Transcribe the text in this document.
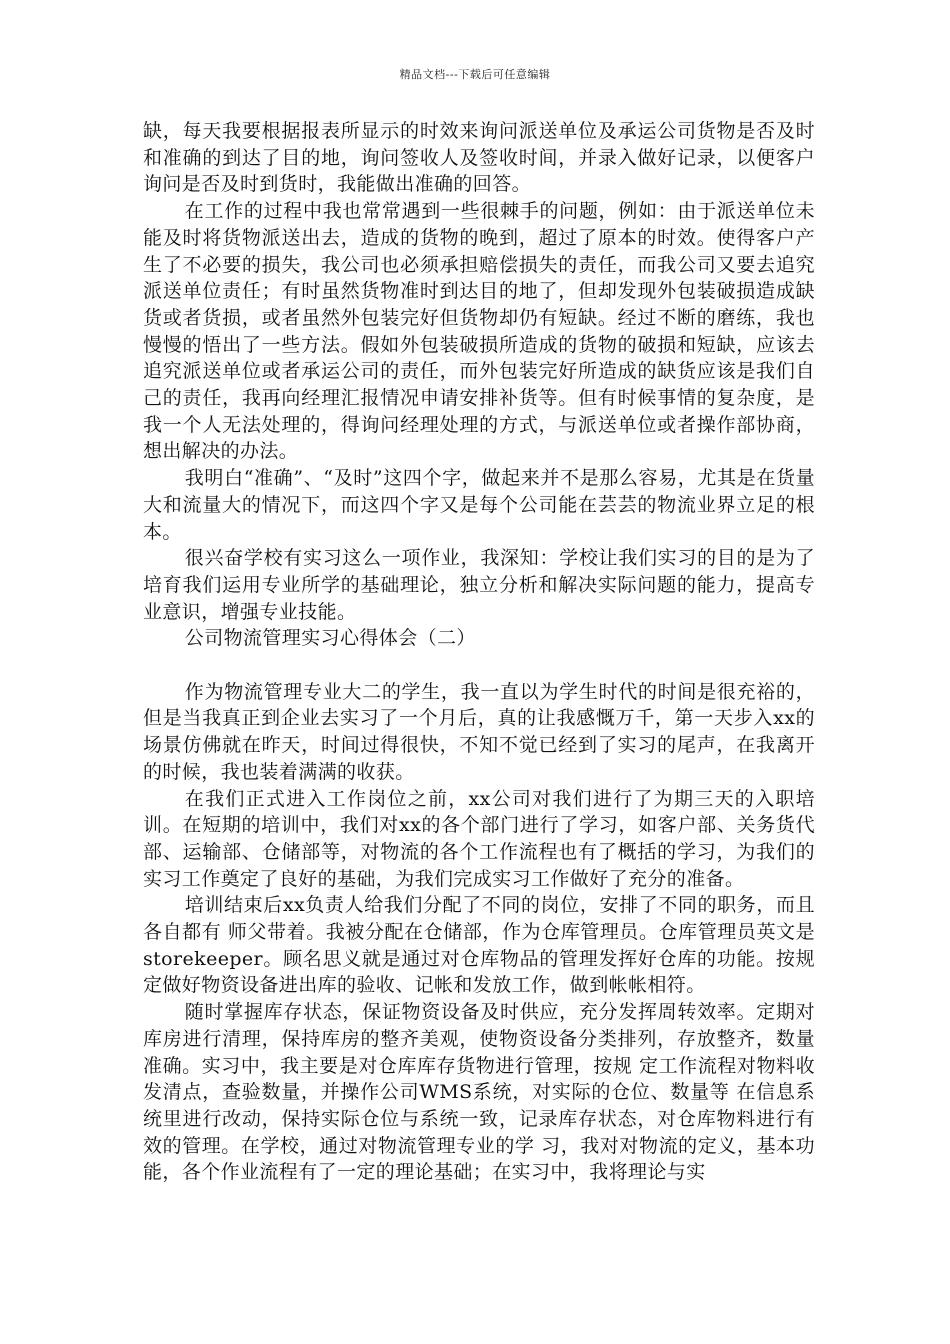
精品文档---下载后可任意编辑

缺，每天我要根据报表所显示的时效来询问派送单位及承运公司货物是否及时和准确的到达了目的地，询问签收人及签收时间，并录入做好记录，以便客户询问是否及时到货时，我能做出准确的回答。

在工作的过程中我也常常遇到一些很棘手的问题，例如：由于派送单位未能及时将货物派送出去，造成的货物的晚到，超过了原本的时效。使得客户产生了不必要的损失，我公司也必须承担赔偿损失的责任，而我公司又要去追究派送单位责任；有时虽然货物准时到达目的地了，但却发现外包装破损造成缺货或者货损，或者虽然外包装完好但货物却仍有短缺。经过不断的磨练，我也慢慢的悟出了一些方法。假如外包装破损所造成的货物的破损和短缺，应该去追究派送单位或者承运公司的责任，而外包装完好所造成的缺货应该是我们自己的责任，我再向经理汇报情况申请安排补货等。但有时候事情的复杂度，是我一个人无法处理的，得询问经理处理的方式，与派送单位或者操作部协商，想出解决的办法。

我明白“准确”、“及时”这四个字，做起来并不是那么容易，尤其是在货量大和流量大的情况下，而这四个字又是每个公司能在芸芸的物流业界立足的根本。

很兴奋学校有实习这么一项作业，我深知：学校让我们实习的目的是为了培育我们运用专业所学的基础理论，独立分析和解决实际问题的能力，提高专业意识，增强专业技能。

公司物流管理实习心得体会（二）

作为物流管理专业大二的学生，我一直以为学生时代的时间是很充裕的，但是当我真正到企业去实习了一个月后，真的让我感慨万千，第一天步入xx的场景仿佛就在昨天，时间过得很快，不知不觉已经到了实习的尾声，在我离开的时候，我也装着满满的收获。

在我们正式进入工作岗位之前，xx公司对我们进行了为期三天的入职培训。在短期的培训中，我们对xx的各个部门进行了学习，如客户部、关务货代部、运输部、仓储部等，对物流的各个工作流程也有了概括的学习，为我们的实习工作奠定了良好的基础，为我们完成实习工作做好了充分的准备。

培训结束后xx负责人给我们分配了不同的岗位，安排了不同的职务，而且各自都有 师父带着。我被分配在仓储部，作为仓库管理员。仓库管理员英文是 storekeeper。顾名思义就是通过对仓库物品的管理发挥好仓库的功能。按规定做好物资设备进出库的验收、记帐和发放工作，做到帐帐相符。

随时掌握库存状态，保证物资设备及时供应，充分发挥周转效率。定期对库房进行清理，保持库房的整齐美观，使物资设备分类排列，存放整齐，数量准确。实习中，我主要是对仓库库存货物进行管理，按规 定工作流程对物料收发清点，查验数量，并操作公司WMS系统，对实际的仓位、数量等 在信息系统里进行改动，保持实际仓位与系统一致，记录库存状态，对仓库物料进行有效的管理。在学校，通过对物流管理专业的学 习，我对对物流的定义，基本功能，各个作业流程有了一定的理论基础；在实习中，我将理论与实
